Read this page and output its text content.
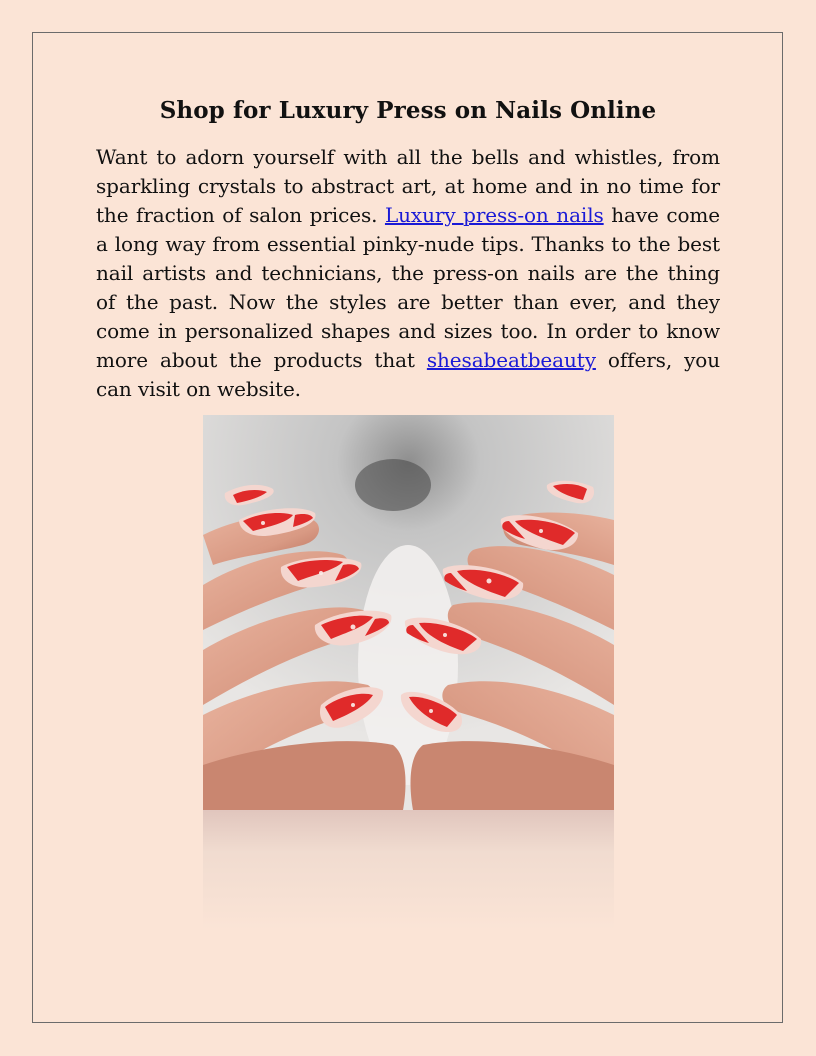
Shop for Luxury Press on Nails Online

Want to adorn yourself with all the bells and whistles, from sparkling crystals to abstract art, at home and in no time for the fraction of salon prices. Luxury press-on nails have come a long way from essential pinky-nude tips. Thanks to the best nail artists and technicians, the press-on nails are the thing of the past. Now the styles are better than ever, and they come in personalized shapes and sizes too. In order to know more about the products that shesabeatbeauty offers, you can visit on website.
